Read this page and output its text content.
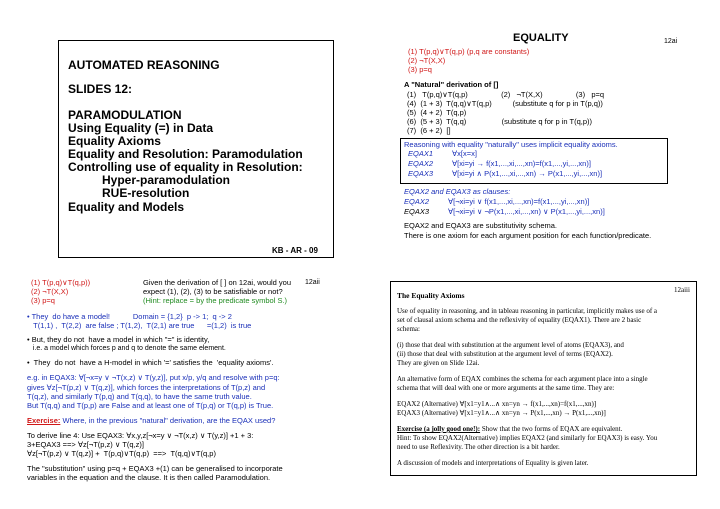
AUTOMATED REASONING
SLIDES 12:
PARAMODULATION
Using Equality (=) in Data
Equality Axioms
Equality and Resolution: Paramodulation
Controlling use of equality in Resolution:
Hyper-paramodulation
RUE-resolution
Equality and Models
KB - AR - 09
EQUALITY	12ai
(1) T(p,q)∨T(q,p) (p,q are constants)
(2) ¬T(X,X)
(3) p=q
A "Natural" derivation of []
(1)   T(p,q)∨T(q,p)                (2)   ¬T(X,X)                (3)   p=q
(4)  (1 + 3)  T(q,q)∨T(q,p)          (substitute q for p in T(p,q))
(5)  (4 + 2)  T(q,p)
(6)  (5 + 3)  T(q,q)                 (substitute q for p in T(q,p))
(7)  (6 + 2)  []
Reasoning with equality "naturally" uses implicit equality axioms.
EQAX1	∀x[x=x]
EQAX2	∀[xi=yi → f(x1,...,xi,...,xn)=f(x1,...,yi,...,xn)]
EQAX3	∀[xi=yi ∧ P(x1,...,xi,...,xn) → P(x1,...,yi,...,xn)]
EQAX2 and EQAX3 as clauses:
EQAX2	∀[¬xi=yi ∨ f(x1,...,xi,...,xn)=f(x1,...,yi,...,xn)]
EQAX3	∀[¬xi=yi ∨ ¬P(x1,...,xi,...,xn) ∨ P(x1,...,yi,...,xn)]
EQAX2 and EQAX3 are substitutivity schema.
There is one axiom for each argument position for each function/predicate.
(1) T(p,q)∨T(q,p))
(2) ¬T(X,X)
(3) p=q
Given the derivation of [ ] on 12ai, would you
expect (1), (2), (3) to be satisfiable or not?
(Hint: replace = by the predicate symbol S.)
12aii
• They  do have a model!           Domain = {1,2}  p -> 1;  q -> 2
T(1,1) ,  T(2,2)  are false ; T(1,2),  T(2,1) are true      =(1,2)  is true
• But, they do not  have a model in which "=" is identity,
i.e. a model which forces p and q to denote the same element.
•  They  do not  have a H-model in which '=' satisfies the  'equality axioms'.
e.g. in EQAX3: ∀[¬x=y ∨ ¬T(x,z) ∨ T(y,z)], put x/p, y/q and resolve with p=q:
gives ∀z[¬T(p,z) ∨ T(q,z)], which forces the interpretations of T(p,z) and
T(q,z), and similarly T(p,q) and T(q,q), to have the same truth value.
But T(q,q) and T(p,p) are False and at least one of T(p,q) or T(q,p) is True.
Exercise: Where, in the previous "natural" derivation, are the EQAX used?
To derive line 4: Use EQAX3: ∀x,y,z[¬x=y ∨ ¬T(x,z) ∨ T(y,z)] +1 + 3:
3+EQAX3 ==> ∀z[¬T(p,z) ∨ T(q,z)]
∀z[¬T(p,z) ∨ T(q,z)] +  T(p,q)∨T(q,p)  ==>  T(q,q)∨T(q,p)
The "substitution" using p=q + EQAX3 +(1) can be generalised to incorporate
variables in the equation and the clause. It is then called Paramodulation.
The Equality Axioms
12aiii
Use of equality in reasoning, and in tableau reasoning in particular, implicitly makes use of a
set of clausal axiom schema and the reflexivity of equality (EQAX1). There are 2 basic
schema:
(i) those that deal with substitution at the argument level of atoms (EQAX3), and
(ii) those that deal with substitution at the argument level of terms (EQAX2).
They are given on Slide 12ai.
An alternative form of EQAX combines the schema for each argument place into a single
schema that will deal with one or more arguments at the same time. They are:
EQAX2 (Alternative) ∀[x1=y1∧...∧ xn=yn → f(x1,...,xn)=f(x1,...,xn)]
EQAX3 (Alternative) ∀[x1=y1∧...∧ xn=yn → P(x1,...,xn) → P(x1,...,xn)]
Exercise (a jolly good one!): Show that the two forms of EQAX are equivalent.
Hint: To show EQAX2(Alternative) implies EQAX2 (and similarly for EQAX3) is easy. You
need to use Reflexivity. The other direction is a bit harder.
A discussion of models and interpretations of Equality is given later.
